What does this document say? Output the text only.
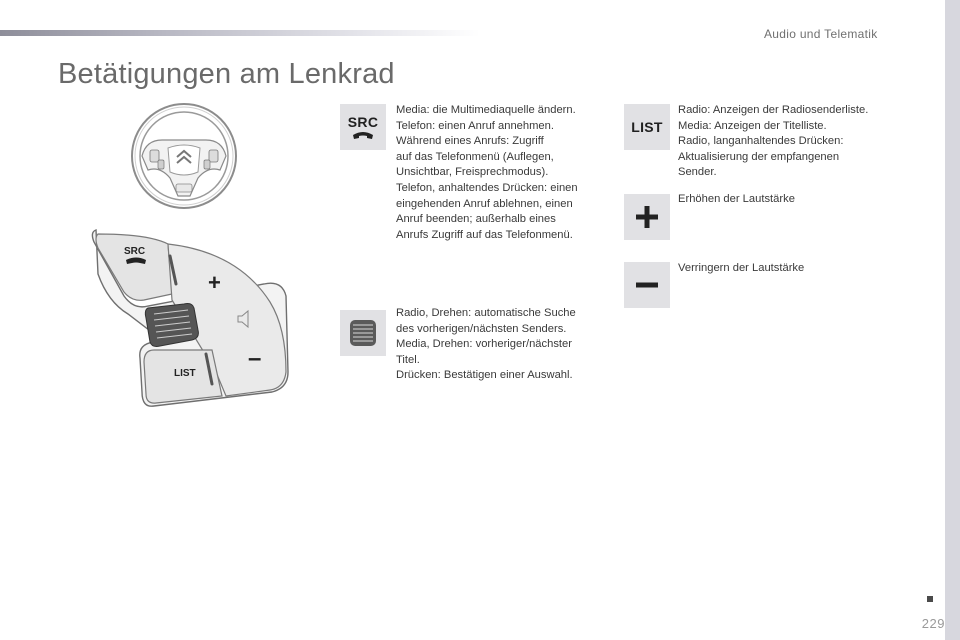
Audio und Telematik
Betätigungen am Lenkrad
SRC
+
–
LIST
SRC

Media: die Multimediaquelle ändern.
Telefon: einen Anruf annehmen.
Während eines Anrufs: Zugriff
auf das Telefonmenü (Auflegen,
Unsichtbar, Freisprechmodus).
Telefon, anhaltendes Drücken: einen
eingehenden Anruf ablehnen, einen
Anruf beenden; außerhalb eines
Anrufs Zugriff auf das Telefonmenü.

Radio, Drehen: automatische Suche
des vorherigen/nächsten Senders.
Media, Drehen: vorheriger/nächster
Titel.
Drücken: Bestätigen einer Auswahl.

LIST

Radio: Anzeigen der Radiosenderliste.
Media: Anzeigen der Titelliste.
Radio, langanhaltendes Drücken:
Aktualisierung der empfangenen
Sender.

Erhöhen der Lautstärke

Verringern der Lautstärke

229
